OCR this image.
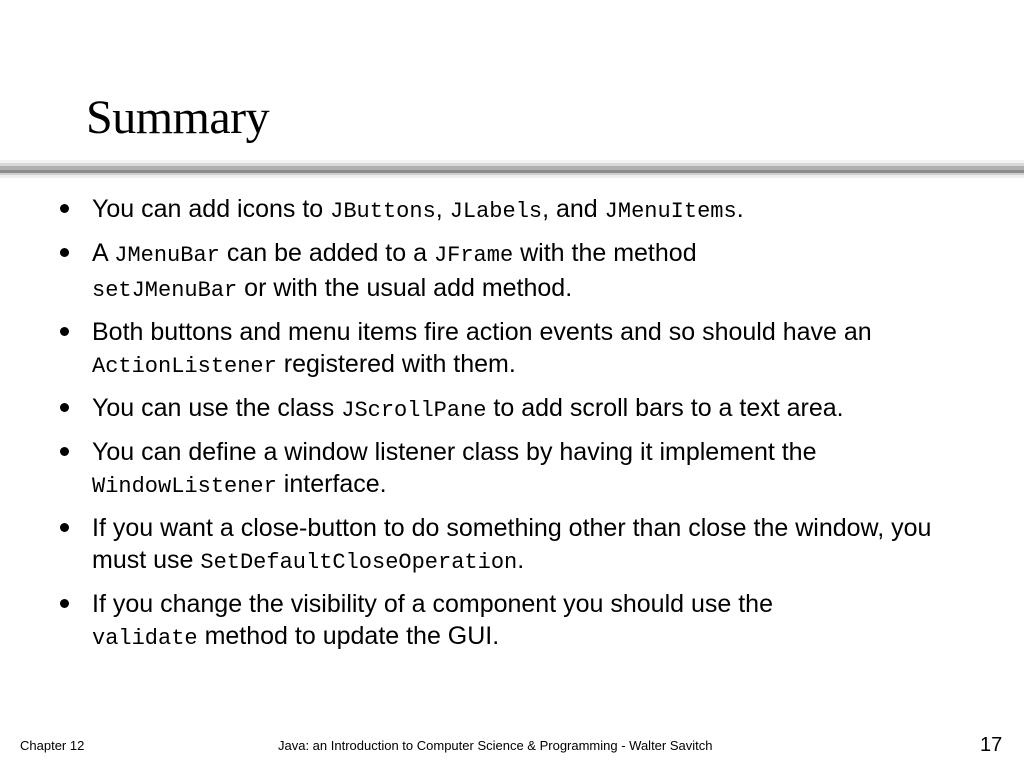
Summary
You can add icons to JButtons, JLabels, and JMenuItems.
A JMenuBar can be added to a JFrame with the method
setJMenuBar or with the usual add method.
Both buttons and menu items fire action events and so should have an ActionListener registered with them.
You can use the class JScrollPane to add scroll bars to a text area.
You can define a window listener class by having it implement the
WindowListener interface.
If you want a close-button to do something other than close the window, you must use SetDefaultCloseOperation.
If you change the visibility of a component you should use the
validate method to update the GUI.
Chapter 12	Java: an Introduction to Computer Science & Programming - Walter Savitch	17
